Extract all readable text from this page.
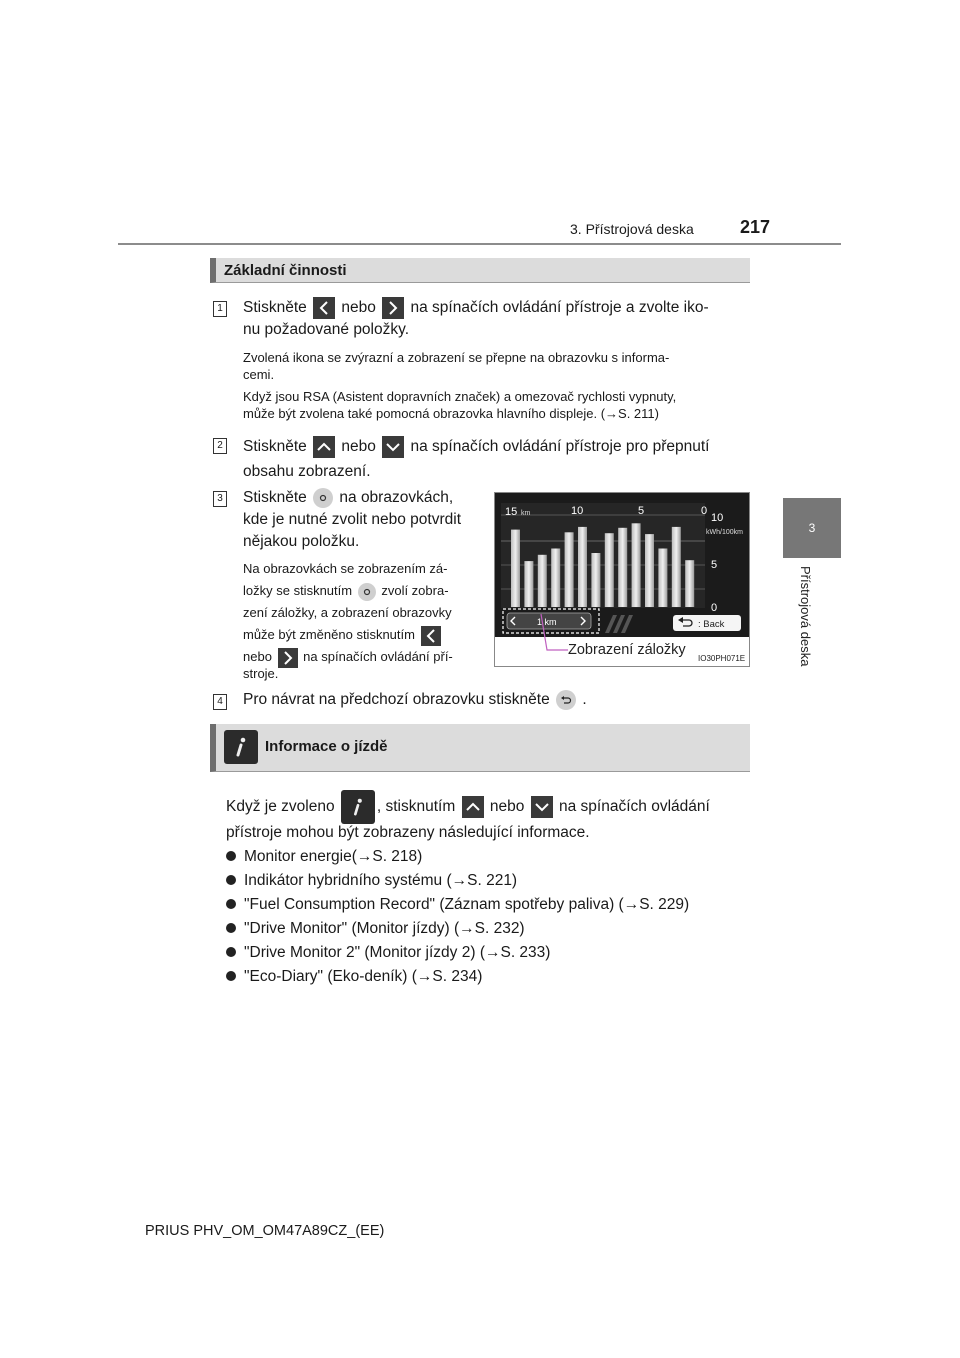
3. Přístrojová deska	217
3
Přístrojová deska
Základní činnosti
1 Stiskněte nebo na spínačích ovládání přístroje a zvolte iko-
nu požadované položky.
Zvolená ikona se zvýrazní a zobrazení se přepne na obrazovku s informa-
cemi.
Když jsou RSA (Asistent dopravních značek) a omezovač rychlosti vypnuty,
může být zvolena také pomocná obrazovka hlavního displeje. (→S. 211)
2 Stiskněte nebo na spínačích ovládání přístroje pro přepnutí
obsahu zobrazení.
3 Stiskněte na obrazovkách,
kde je nutné zvolit nebo potvrdit
nějakou položku.
Na obrazovkách se zobrazením zá-
ložky se stisknutím zvolí zobra-
zení záložky, a zobrazení obrazovky
může být změněno stisknutím

nebo na spínačích ovládání pří-
stroje.
15 km	10	5	0
10
kWh/100km
5
0
1 km	: Back
Zobrazení záložky
IO30PH071E
4 Pro návrat na předchozí obrazovku stiskněte .
Informace o jízdě
Když je zvoleno	, stisknutím nebo na spínačích ovládání
přístroje mohou být zobrazeny následující informace.
Monitor energie(→S. 218)
Indikátor hybridního systému (→S. 221)
"Fuel Consumption Record" (Záznam spotřeby paliva) (→S. 229)
"Drive Monitor" (Monitor jízdy) (→S. 232)
"Drive Monitor 2" (Monitor jízdy 2) (→S. 233)
"Eco-Diary" (Eko-deník) (→S. 234)
PRIUS PHV_OM_OM47A89CZ_(EE)
